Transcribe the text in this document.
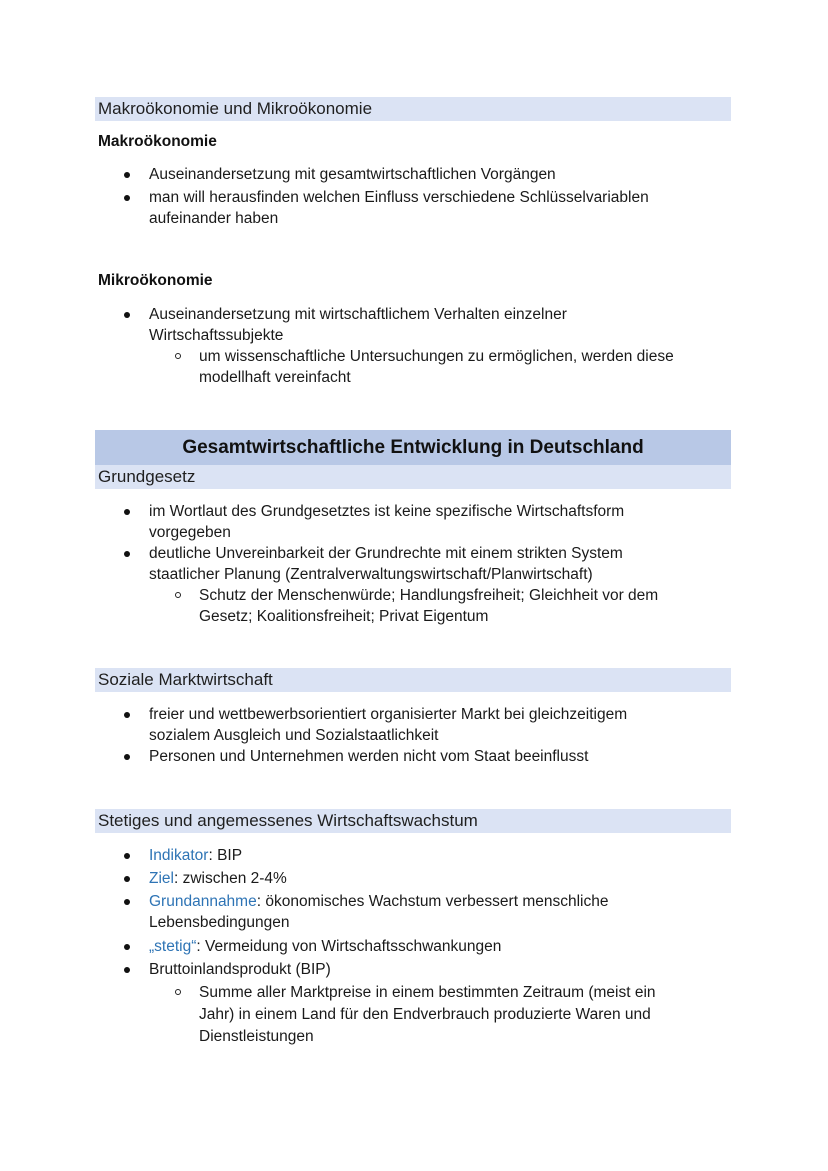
Makroökonomie und Mikroökonomie
Makroökonomie
Auseinandersetzung mit gesamtwirtschaftlichen Vorgängen
man will herausfinden welchen Einfluss verschiedene Schlüsselvariablen
aufeinander haben
Mikroökonomie
Auseinandersetzung mit wirtschaftlichem Verhalten einzelner
Wirtschaftssubjekte
um wissenschaftliche Untersuchungen zu ermöglichen, werden diese
modellhaft vereinfacht
Gesamtwirtschaftliche Entwicklung in Deutschland
Grundgesetz
im Wortlaut des Grundgesetztes ist keine spezifische Wirtschaftsform
vorgegeben
deutliche Unvereinbarkeit der Grundrechte mit einem strikten System
staatlicher Planung (Zentralverwaltungswirtschaft/Planwirtschaft)
Schutz der Menschenwürde; Handlungsfreiheit; Gleichheit vor dem
Gesetz; Koalitionsfreiheit; Privat Eigentum
Soziale Marktwirtschaft
freier und wettbewerbsorientiert organisierter Markt bei gleichzeitigem
sozialem Ausgleich und Sozialstaatlichkeit
Personen und Unternehmen werden nicht vom Staat beeinflusst
Stetiges und angemessenes Wirtschaftswachstum
Indikator: BIP
Ziel: zwischen 2-4%
Grundannahme: ökonomisches Wachstum verbessert menschliche
Lebensbedingungen
„stetig“: Vermeidung von Wirtschaftsschwankungen
Bruttoinlandsprodukt (BIP)
Summe aller Marktpreise in einem bestimmten Zeitraum (meist ein
Jahr) in einem Land für den Endverbrauch produzierte Waren und
Dienstleistungen
